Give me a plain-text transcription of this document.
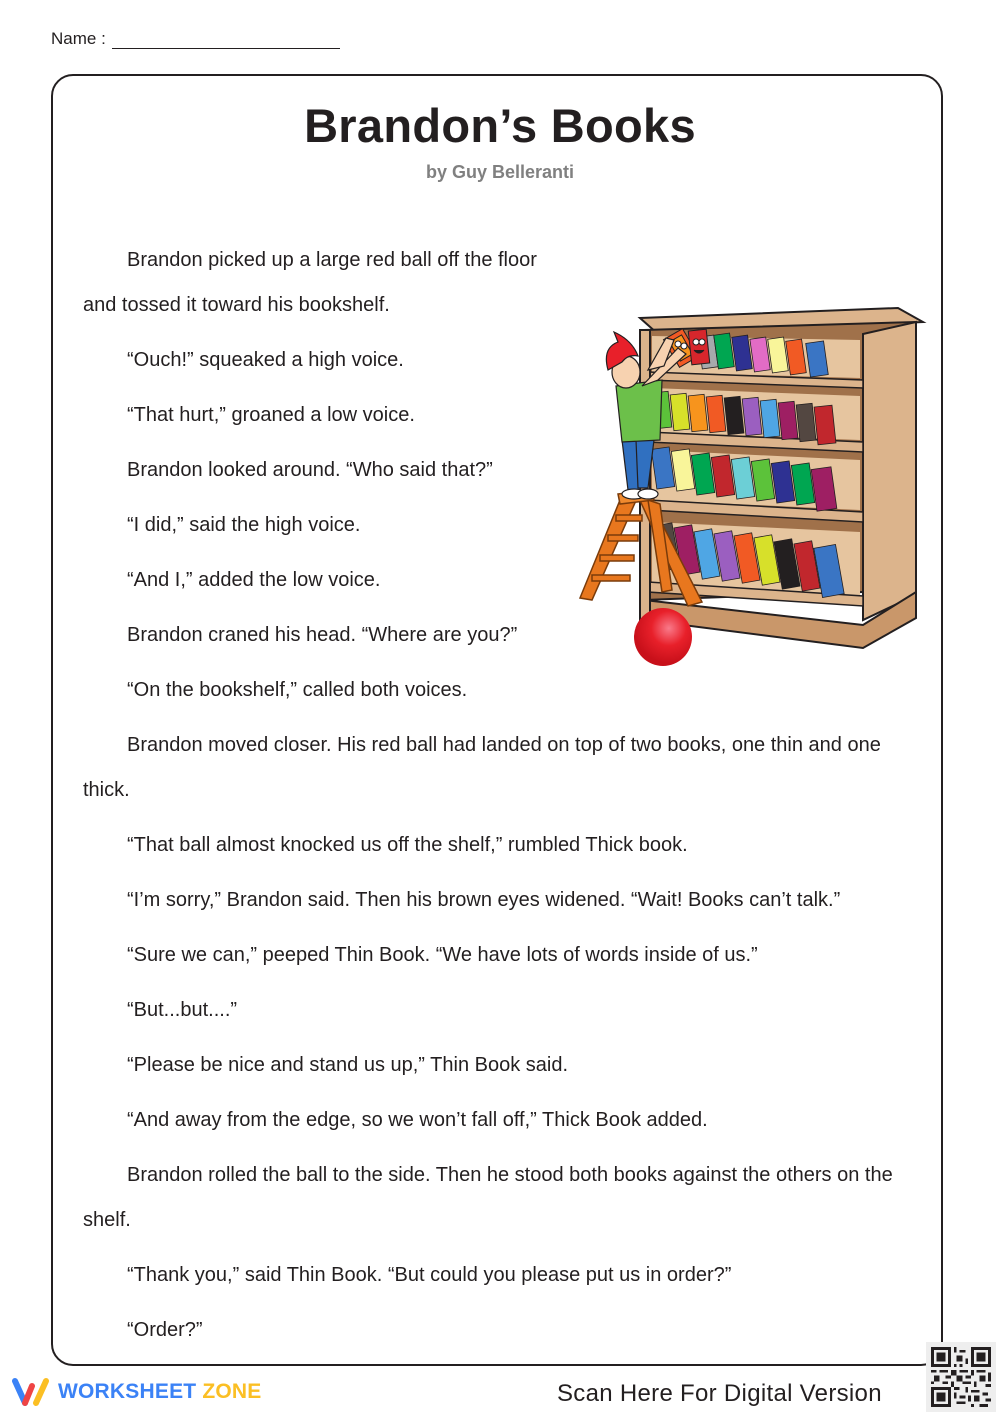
Name :
Brandon’s Books
by Guy Belleranti

Brandon picked up a large red ball off the floor and tossed it toward his bookshelf.

“Ouch!” squeaked a high voice.

“That hurt,” groaned a low voice.

Brandon looked around. “Who said that?”

“I did,” said the high voice.

“And I,” added the low voice.

Brandon craned his head. “Where are you?”

“On the bookshelf,” called both voices.

Brandon moved closer. His red ball had landed on top of two books, one thin and one thick.

“That ball almost knocked us off the shelf,” rumbled Thick book.

“I’m sorry,” Brandon said. Then his brown eyes widened. “Wait! Books can’t talk.”

“Sure we can,” peeped Thin Book. “We have lots of words inside of us.”

“But...but....”

“Please be nice and stand us up,” Thin Book said.

“And away from the edge, so we won’t fall off,” Thick Book added.

Brandon rolled the ball to the side. Then he stood both books against the others on the shelf.

“Thank you,” said Thin Book. “But could you please put us in order?”

“Order?”

WORKSHEET ZONE	Scan Here For Digital Version
